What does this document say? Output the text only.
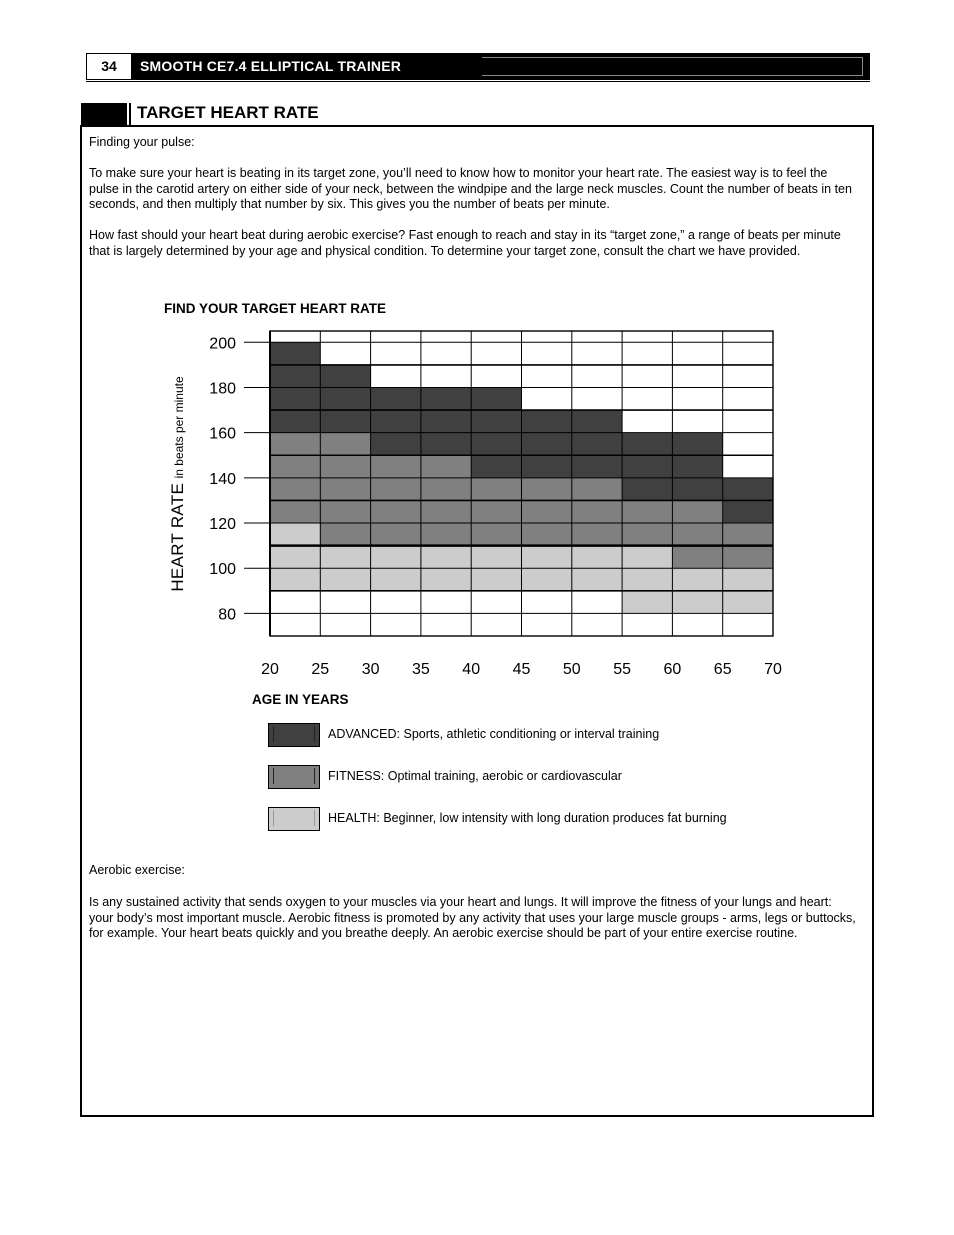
34	SMOOTH CE7.4 ELLIPTICAL TRAINER
TARGET HEART RATE
Finding your pulse:
To make sure your heart is beating in its target zone, you’ll need to know how to monitor your heart rate. The easiest way is to feel the pulse in the carotid artery on either side of your neck, between the windpipe and the large neck muscles. Count the number of beats in ten seconds, and then multiply that number by six. This gives you the number of beats per minute.
How fast should your heart beat during aerobic exercise? Fast enough to reach and stay in its “target zone,” a range of beats per minute that is largely determined by your age and physical condition. To determine your target zone, consult the chart we have provided.
FIND YOUR TARGET HEART RATE
HEART RATE in beats per minute
80
100
120
140
160
180
200
20 25 30 35 40 45 50 55 60 65 70
AGE IN YEARS
ADVANCED: Sports, athletic conditioning or interval training
FITNESS: Optimal training, aerobic or cardiovascular
HEALTH: Beginner, low intensity with long duration produces fat burning
Aerobic exercise:
Is any sustained activity that sends oxygen to your muscles via your heart and lungs. It will improve the fitness of your lungs and heart: your body’s most important muscle. Aerobic fitness is promoted by any activity that uses your large muscle groups - arms, legs or buttocks, for example. Your heart beats quickly and you breathe deeply. An aerobic exercise should be part of your entire exercise routine.
